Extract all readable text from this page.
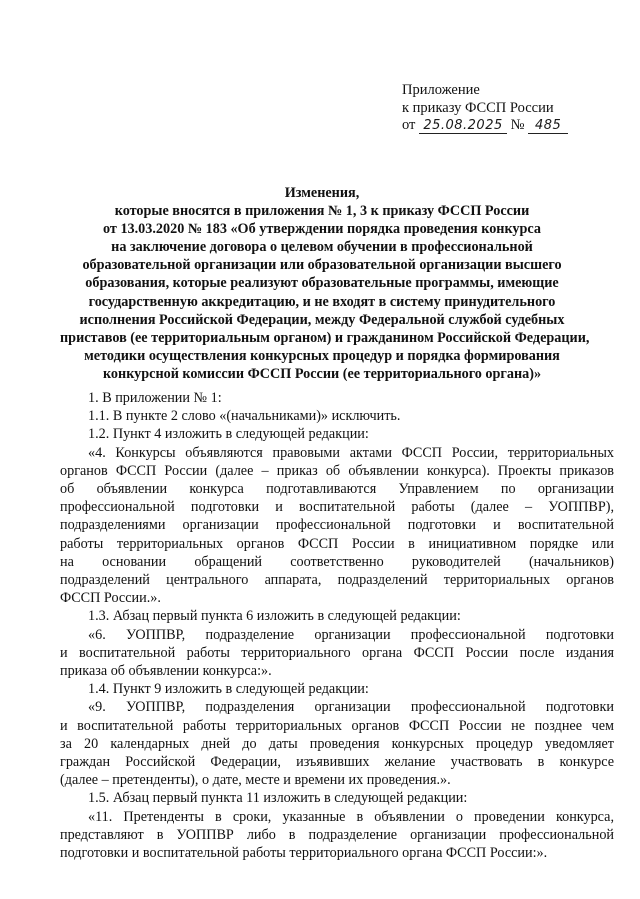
Приложение
к приказу ФССП России
от 25.08.2025 № 485
Изменения,
которые вносятся в приложения № 1, 3 к приказу ФССП России
от 13.03.2020 № 183 «Об утверждении порядка проведения конкурса
на заключение договора о целевом обучении в профессиональной
образовательной организации или образовательной организации высшего
образования, которые реализуют образовательные программы, имеющие
государственную аккредитацию, и не входят в систему принудительного
исполнения Российской Федерации, между Федеральной службой судебных
приставов (ее территориальным органом) и гражданином Российской Федерации,
методики осуществления конкурсных процедур и порядка формирования
конкурсной комиссии ФССП России (ее территориального органа)»
1. В приложении № 1:
1.1. В пункте 2 слово «(начальниками)» исключить.
1.2. Пункт 4 изложить в следующей редакции:
«4. Конкурсы объявляются правовыми актами ФССП России, территориальных
органов ФССП России (далее – приказ об объявлении конкурса). Проекты приказов
об объявлении конкурса подготавливаются Управлением по организации
профессиональной подготовки и воспитательной работы (далее – УОППВР),
подразделениями организации профессиональной подготовки и воспитательной
работы территориальных органов ФССП России в инициативном порядке или
на основании обращений соответственно руководителей (начальников)
подразделений центрального аппарата, подразделений территориальных органов
ФССП России.».
1.3. Абзац первый пункта 6 изложить в следующей редакции:
«6. УОППВР, подразделение организации профессиональной подготовки
и воспитательной работы территориального органа ФССП России после издания
приказа об объявлении конкурса:».
1.4. Пункт 9 изложить в следующей редакции:
«9. УОППВР, подразделения организации профессиональной подготовки
и воспитательной работы территориальных органов ФССП России не позднее чем
за 20 календарных дней до даты проведения конкурсных процедур уведомляет
граждан Российской Федерации, изъявивших желание участвовать в конкурсе
(далее – претенденты), о дате, месте и времени их проведения.».
1.5. Абзац первый пункта 11 изложить в следующей редакции:
«11. Претенденты в сроки, указанные в объявлении о проведении конкурса,
представляют в УОППВР либо в подразделение организации профессиональной
подготовки и воспитательной работы территориального органа ФССП России:».
